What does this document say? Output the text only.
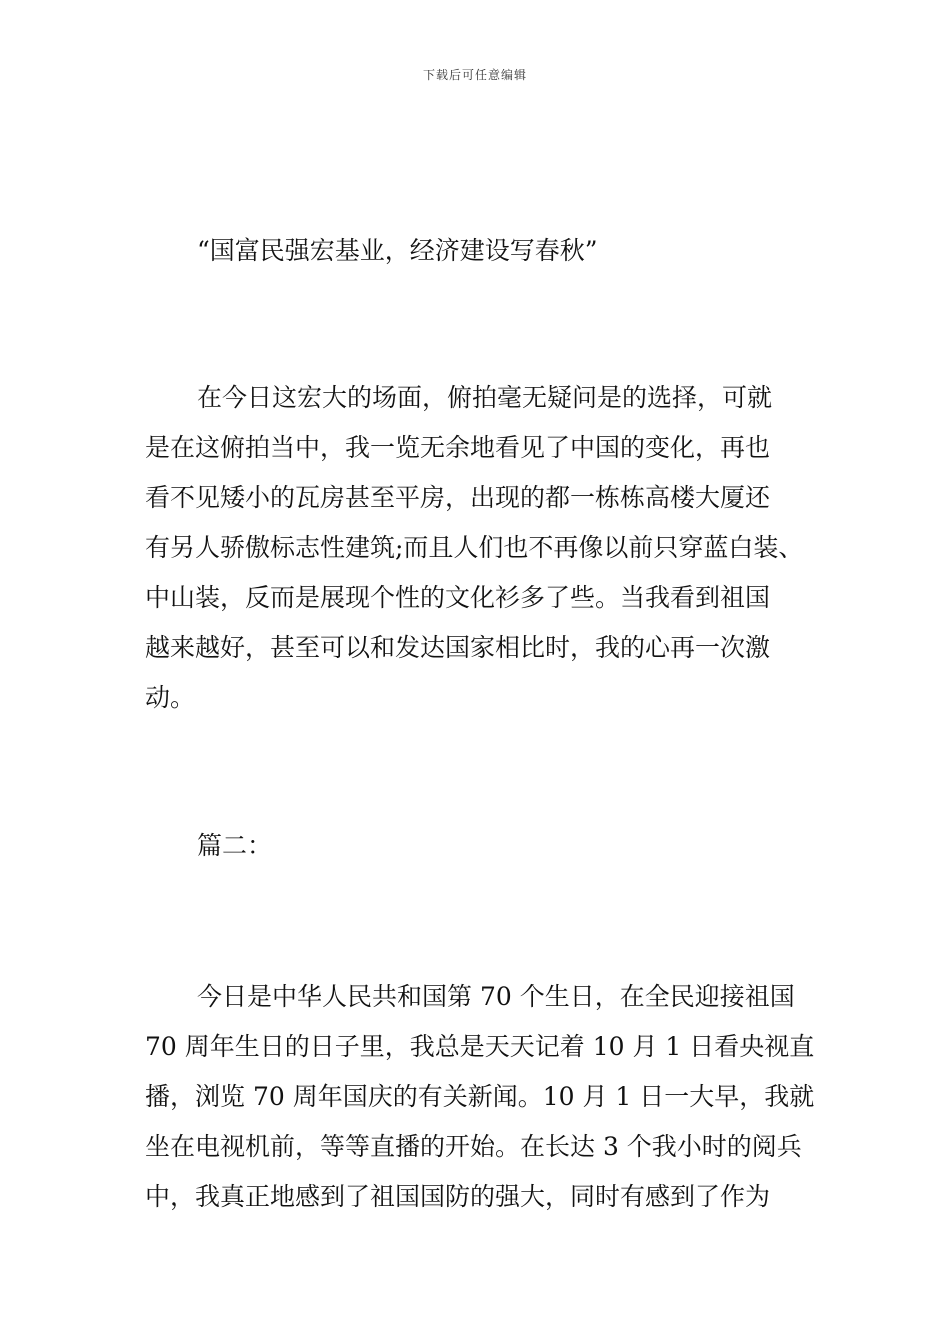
下载后可任意编辑
“国富民强宏基业，经济建设写春秋”
在今日这宏大的场面，俯拍毫无疑问是的选择，可就
是在这俯拍当中，我一览无余地看见了中国的变化，再也
看不见矮小的瓦房甚至平房，出现的都一栋栋高楼大厦还
有另人骄傲标志性建筑;而且人们也不再像以前只穿蓝白装、
中山装，反而是展现个性的文化衫多了些。当我看到祖国
越来越好，甚至可以和发达国家相比时，我的心再一次激
动。
篇二：
今日是中华人民共和国第 70 个生日，在全民迎接祖国
70 周年生日的日子里，我总是天天记着 10 月 1 日看央视直
播，浏览 70 周年国庆的有关新闻。10 月 1 日一大早，我就
坐在电视机前，等等直播的开始。在长达 3 个我小时的阅兵
中，我真正地感到了祖国国防的强大，同时有感到了作为
